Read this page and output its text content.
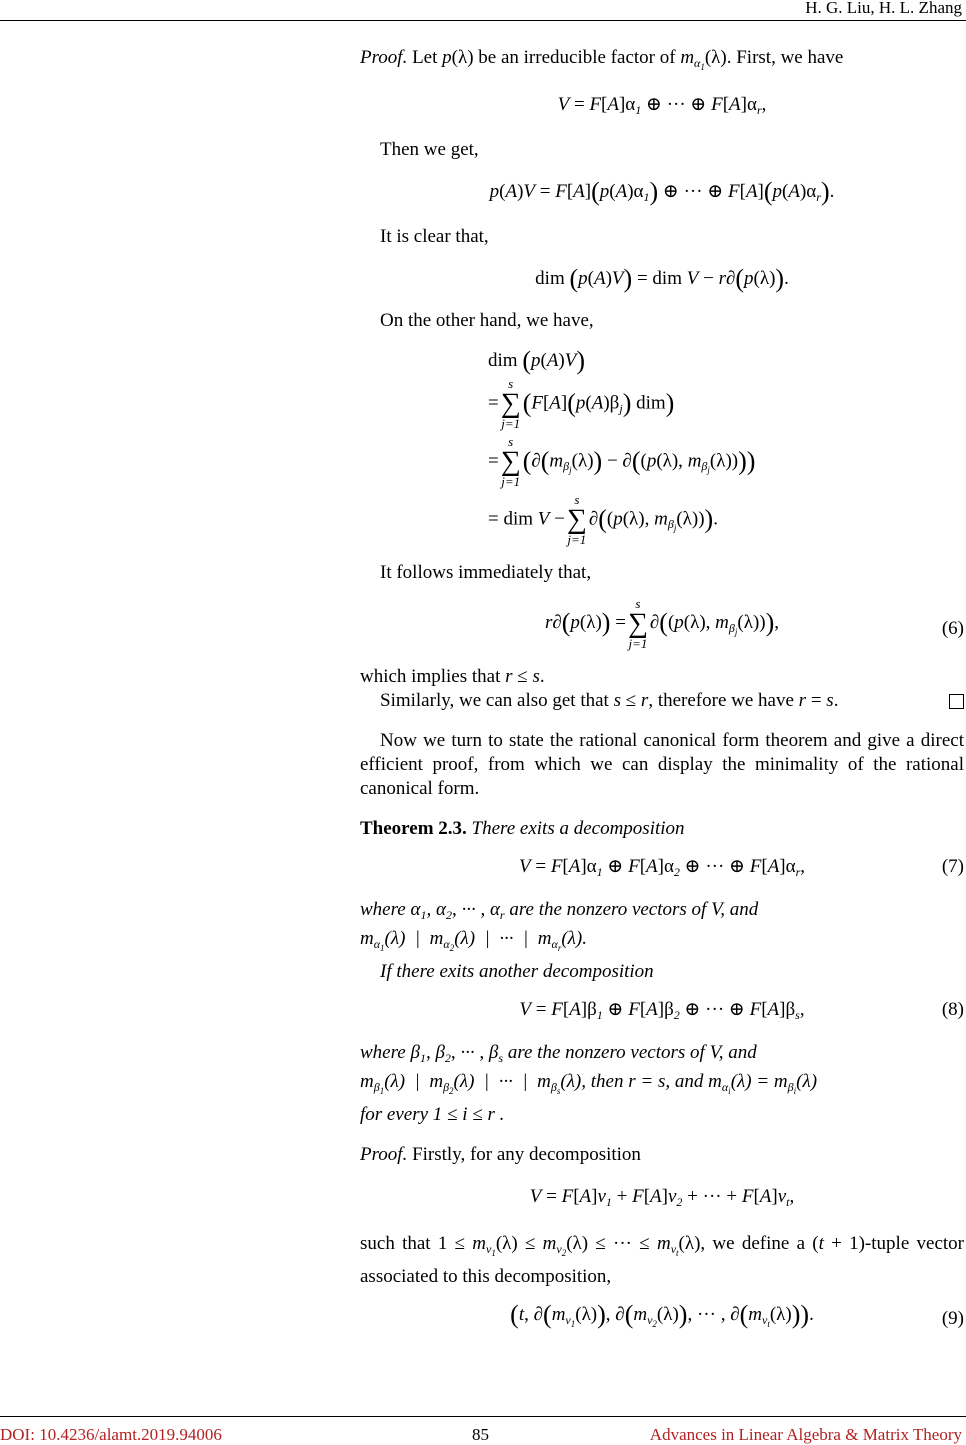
H. G. Liu, H. L. Zhang

Proof. Let p(λ) be an irreducible factor of $m_{\alpha_1}(\lambda)$. First, we have

$V = F[A]\alpha_1$ ⊕ ··· ⊕ $F[A]\alpha_r$,

Then we get,

$p(A)V = F[A](p(A)\alpha_1)$ ⊕ ··· ⊕ $F[A](p(A)\alpha_r)$.

It is clear that,

dim (p(A)V) = dim V − r∂(p(λ)).

On the other hand, we have,

dim (p(A)V)
=
s
∑
j=1
($F[A](p(A)\beta_j)$ dim)
=
s
∑
j=1
($\partial(m_{\beta_j}(\lambda)) - \partial((p(\lambda)$, $m_{\beta_j}(\lambda)$)))
= dim V −
s
∑
j=1
∂((p(λ), $m_{\beta_j}(\lambda)$)).

It follows immediately that,

r∂(p(λ)) =
s
∑
j=1
∂((p(λ), $m_{\beta_j}(\lambda)$)),	(6)

which implies that r ≤ s.

Similarly, we can also get that s ≤ r, therefore we have r = s.

Now we turn to state the rational canonical form theorem and give a direct efficient proof, from which we can display the minimality of the rational canonical form.

Theorem 2.3. There exits a decomposition

$V = F[A]\alpha_1$ ⊕ $F[A]\alpha_2$ ⊕ ··· ⊕ $F[A]\alpha_r$,	(7)

where $\alpha_1$, $\alpha_2$, ··· , $\alpha_r$ are the nonzero vectors of V, and
$m_{\alpha_1}(\lambda)$  |  $m_{\alpha_2}(\lambda)$  |  ···  |  $m_{\alpha_r}(\lambda)$.

If there exits another decomposition

$V = F[A]\beta_1$ ⊕ $F[A]\beta_2$ ⊕ ··· ⊕ $F[A]\beta_s$,	(8)

where $\beta_1$, $\beta_2$, ··· , $\beta_s$ are the nonzero vectors of V, and
$m_{\beta_1}(\lambda)$  |  $m_{\beta_2}(\lambda)$  |  ···  |  $m_{\beta_s}(\lambda)$, then r = s, and $m_{\alpha_i}(\lambda) = m_{\beta_i}(\lambda)$
for every 1 ≤ i ≤ r .

Proof. Firstly, for any decomposition

$V = F[A]v_1 + F[A]v_2$ + ··· + $F[A]v_t$,

such that $1 \le m_{v_1}(\lambda) \le m_{v_2}(\lambda)$ ≤ ··· ≤ $m_{v_t}(\lambda)$, we define a (t + 1)-tuple vector associated to this decomposition,

(t, $\partial(m_{v_1}(\lambda))$, $\partial(m_{v_2}(\lambda))$, ··· , $\partial(m_{v_t}(\lambda))$).	(9)
DOI: 10.4236/alamt.2019.94006	85	Advances in Linear Algebra & Matrix Theory
